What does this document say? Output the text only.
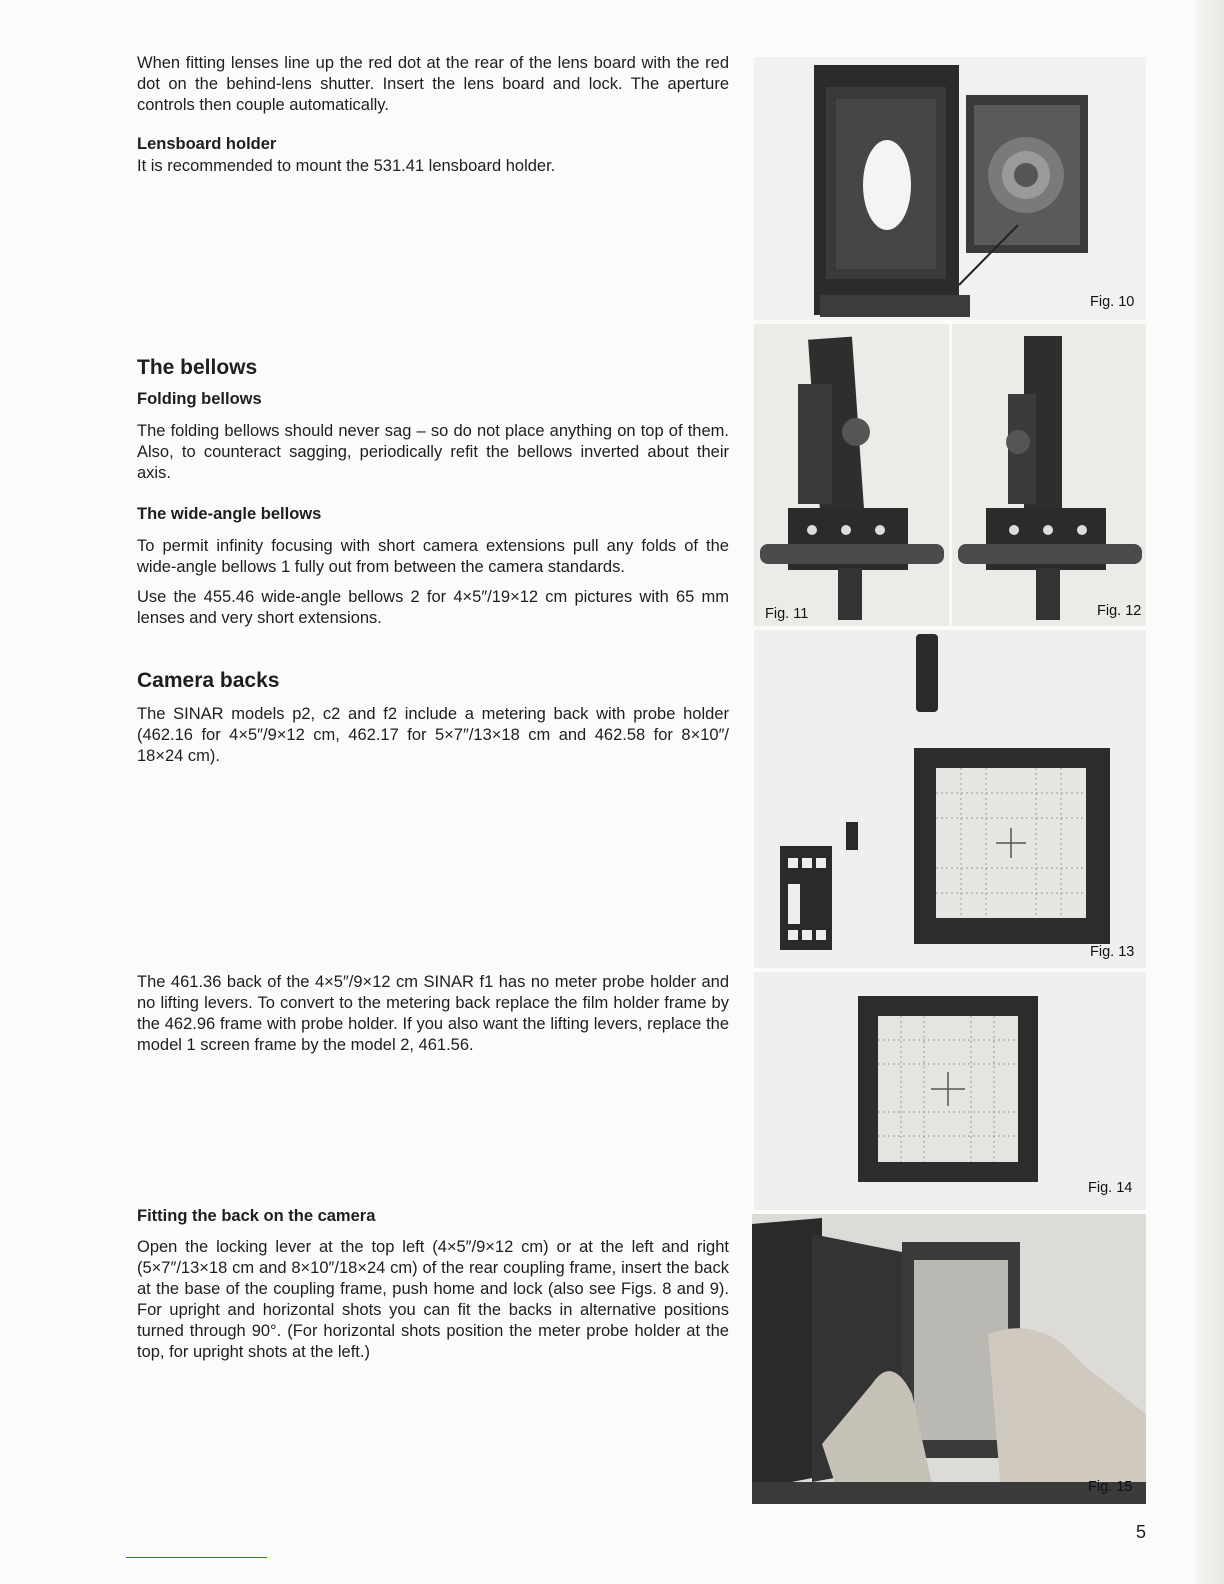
When fitting lenses line up the red dot at the rear of the lens board with the red dot on the behind-lens shutter. Insert the lens board and lock. The aperture controls then couple automatically.

Lensboard holder

It is recommended to mount the 531.41 lensboard holder.

The bellows
Folding bellows

The folding bellows should never sag – so do not place anything on top of them. Also, to counteract sagging, periodically refit the bellows inverted about their axis.

The wide-angle bellows

To permit infinity focusing with short camera extensions pull any folds of the wide-angle bellows 1 fully out from between the camera standards.

Use the 455.46 wide-angle bellows 2 for 4×5″/19×12 cm pictures with 65 mm lenses and very short extensions.

Camera backs

The SINAR models p2, c2 and f2 include a metering back with probe holder (462.16 for 4×5″/9×12 cm, 462.17 for 5×7″/13×18 cm and 462.58 for 8×10″/ 18×24 cm).

The 461.36 back of the 4×5″/9×12 cm SINAR f1 has no meter probe holder and no lifting levers. To convert to the metering back replace the film holder frame by the 462.96 frame with probe holder. If you also want the lifting levers, replace the model 1 screen frame by the model 2, 461.56.

Fitting the back on the camera

Open the locking lever at the top left (4×5″/9×12 cm) or at the left and right (5×7″/13×18 cm and 8×10″/18×24 cm) of the rear coupling frame, insert the back at the base of the coupling frame, push home and lock (also see Figs. 8 and 9). For upright and horizontal shots you can fit the backs in alternative positions turned through 90°. (For horizontal shots position the meter probe holder at the top, for upright shots at the left.)

Fig. 10
Fig. 11	Fig. 12
Fig. 13
Fig. 14
Fig. 15
5
